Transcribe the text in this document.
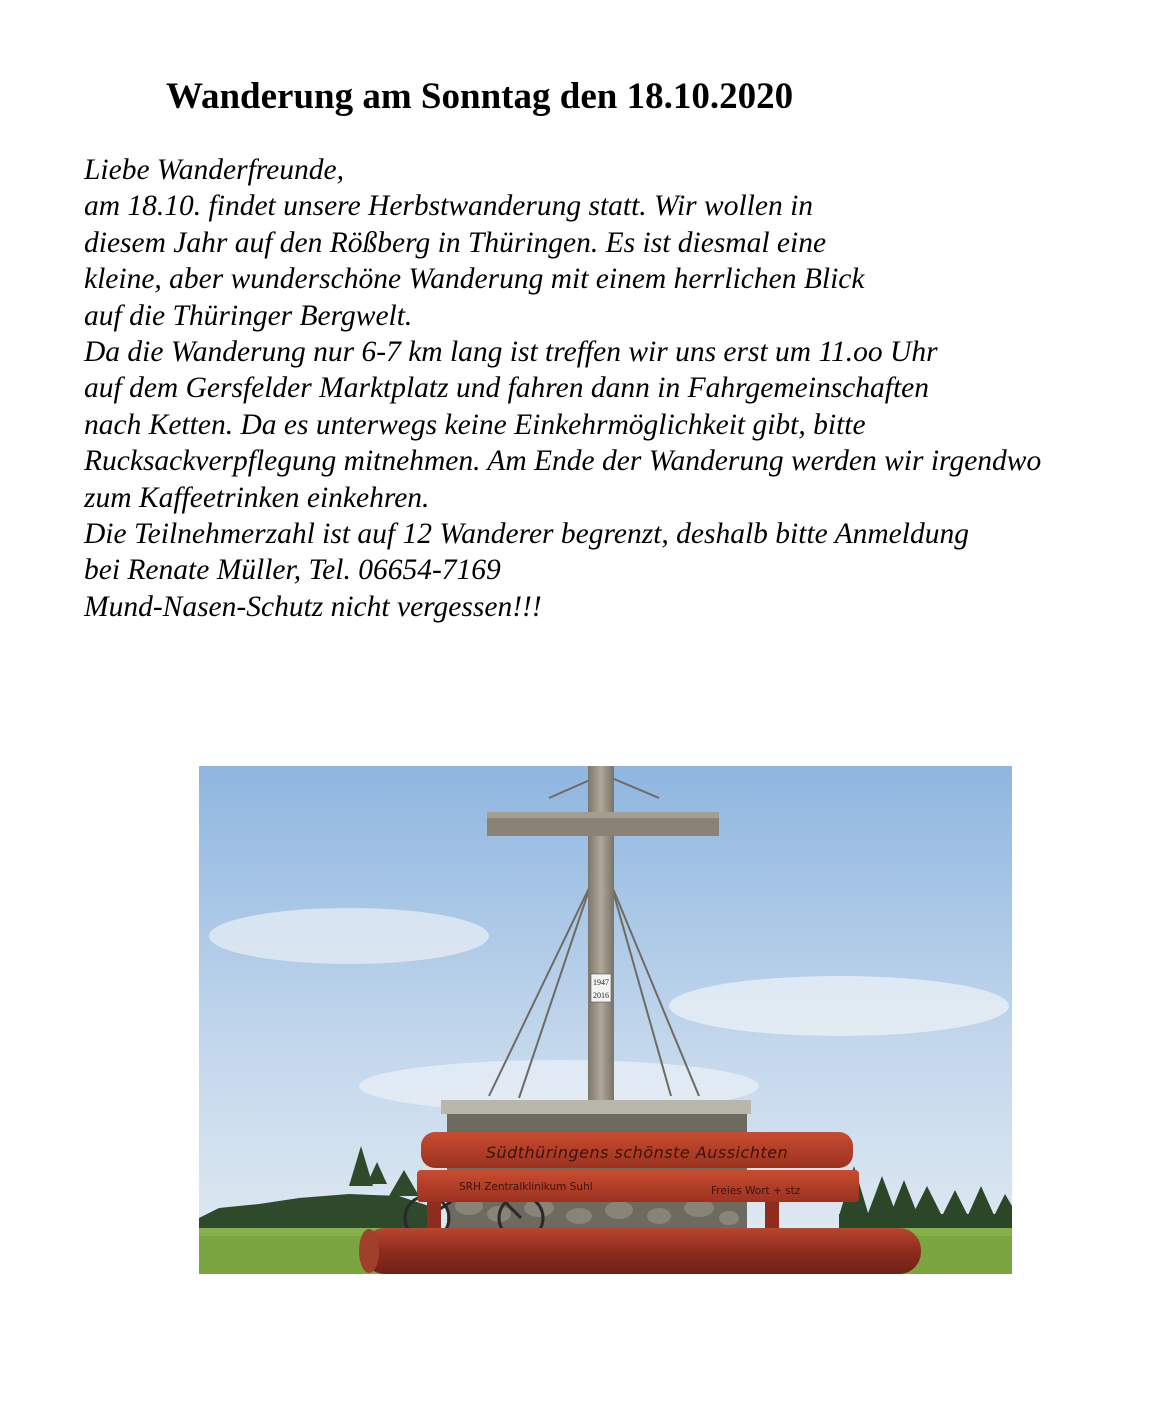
Wanderung am Sonntag den 18.10.2020
Liebe Wanderfreunde,
am 18.10. findet unsere Herbstwanderung statt. Wir wollen in
diesem Jahr auf den Rößberg in Thüringen. Es ist diesmal eine
kleine, aber wunderschöne Wanderung mit einem herrlichen Blick
auf die Thüringer Bergwelt.
Da die Wanderung nur 6-7 km lang ist treffen wir uns erst um 11.oo Uhr
auf dem Gersfelder Marktplatz und fahren dann in Fahrgemeinschaften
nach Ketten. Da es unterwegs keine Einkehrmöglichkeit gibt, bitte
Rucksackverpflegung mitnehmen. Am Ende der Wanderung werden wir irgendwo
zum Kaffeetrinken einkehren.
Die Teilnehmerzahl ist auf 12 Wanderer begrenzt, deshalb bitte Anmeldung
bei Renate Müller, Tel. 06654-7169
Mund-Nasen-Schutz nicht vergessen!!!
1947
2016
Südthüringens schönste Aussichten
SRH Zentralklinikum Suhl	Freies Wort + stz
